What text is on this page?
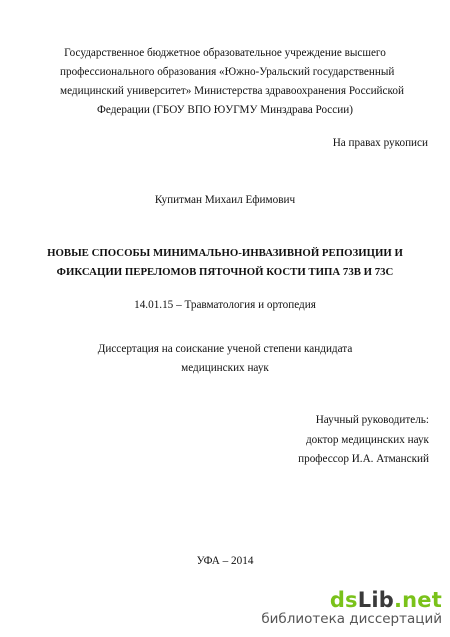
Государственное бюджетное образовательное учреждение высшего
профессионального образования «Южно-Уральский государственный
медицинский университет» Министерства здравоохранения Российской
Федерации (ГБОУ ВПО ЮУГМУ Минздрава России)
На правах рукописи
Купитман Михаил Ефимович
НОВЫЕ СПОСОБЫ МИНИМАЛЬНО-ИНВАЗИВНОЙ РЕПОЗИЦИИ И
ФИКСАЦИИ ПЕРЕЛОМОВ ПЯТОЧНОЙ КОСТИ ТИПА 73В И 73С
14.01.15 – Травматология и ортопедия
Диссертация на соискание ученой степени кандидата
медицинских наук
Научный руководитель:
доктор медицинских наук
профессор И.А. Атманский
УФА – 2014
dsLib.net
библиотека диссертаций
